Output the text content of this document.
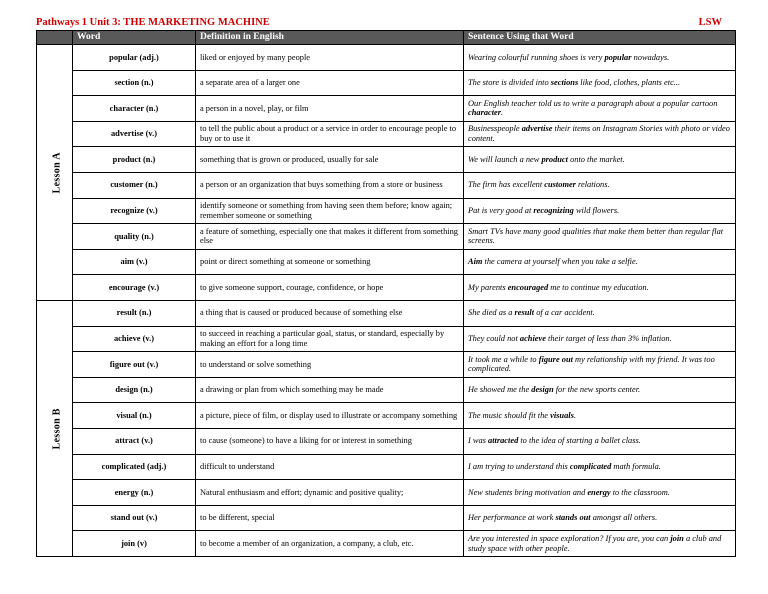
Pathways 1 Unit 3: THE MARKETING MACHINE	LSW
	Word	Definition in English	Sentence Using that Word
Lesson A	popular (adj.)	liked or enjoyed by many people	Wearing colourful running shoes is very popular nowadays.
	section (n.)	a separate area of a larger one	The store is divided into sections like food, clothes, plants etc...
	character (n.)	a person in a novel, play, or film	Our English teacher told us to write a paragraph about a popular cartoon character.
	advertise (v.)	to tell the public about a product or a service in order to encourage people to buy or to use it	Businesspeople advertise their items on Instagram Stories with photo or video content.
	product (n.)	something that is grown or produced, usually for sale	We will launch a new product onto the market.
	customer (n.)	a person or an organization that buys something from a store or business	The firm has excellent customer relations.
	recognize (v.)	identify someone or something from having seen them before; know again; remember someone or something	Pat is very good at recognizing wild flowers.
	quality (n.)	a feature of something, especially one that makes it different from something else	Smart TVs have many good qualities that make them better than regular flat screens.
	aim (v.)	point or direct something at someone or something	Aim the camera at yourself when you take a selfie.
	encourage (v.)	to give someone support, courage, confidence, or hope	My parents encouraged me to continue my education.
Lesson B	result (n.)	a thing that is caused or produced because of something else	She died as a result of a car accident.
	achieve (v.)	to succeed in reaching a particular goal, status, or standard, especially by making an effort for a long time	They could not achieve their target of less than 3% inflation.
	figure out (v.)	to understand or solve something	It took me a while to figure out my relationship with my friend. It was too complicated.
	design (n.)	a drawing or plan from which something may be made	He showed me the design for the new sports center.
	visual (n.)	a picture, piece of film, or display used to illustrate or accompany something	The music should fit the visuals.
	attract (v.)	to cause (someone) to have a liking for or interest in something	I was attracted to the idea of starting a ballet class.
	complicated (adj.)	difficult to understand	I am trying to understand this complicated math formula.
	energy (n.)	Natural enthusiasm and effort; dynamic and positive quality;	New students bring motivation and energy to the classroom.
	stand out (v.)	to be different, special	Her performance at work stands out amongst all others.
	join (v)	to become a member of an organization, a company, a club, etc.	Are you interested in space exploration? If you are, you can join a club and study space with other people.
